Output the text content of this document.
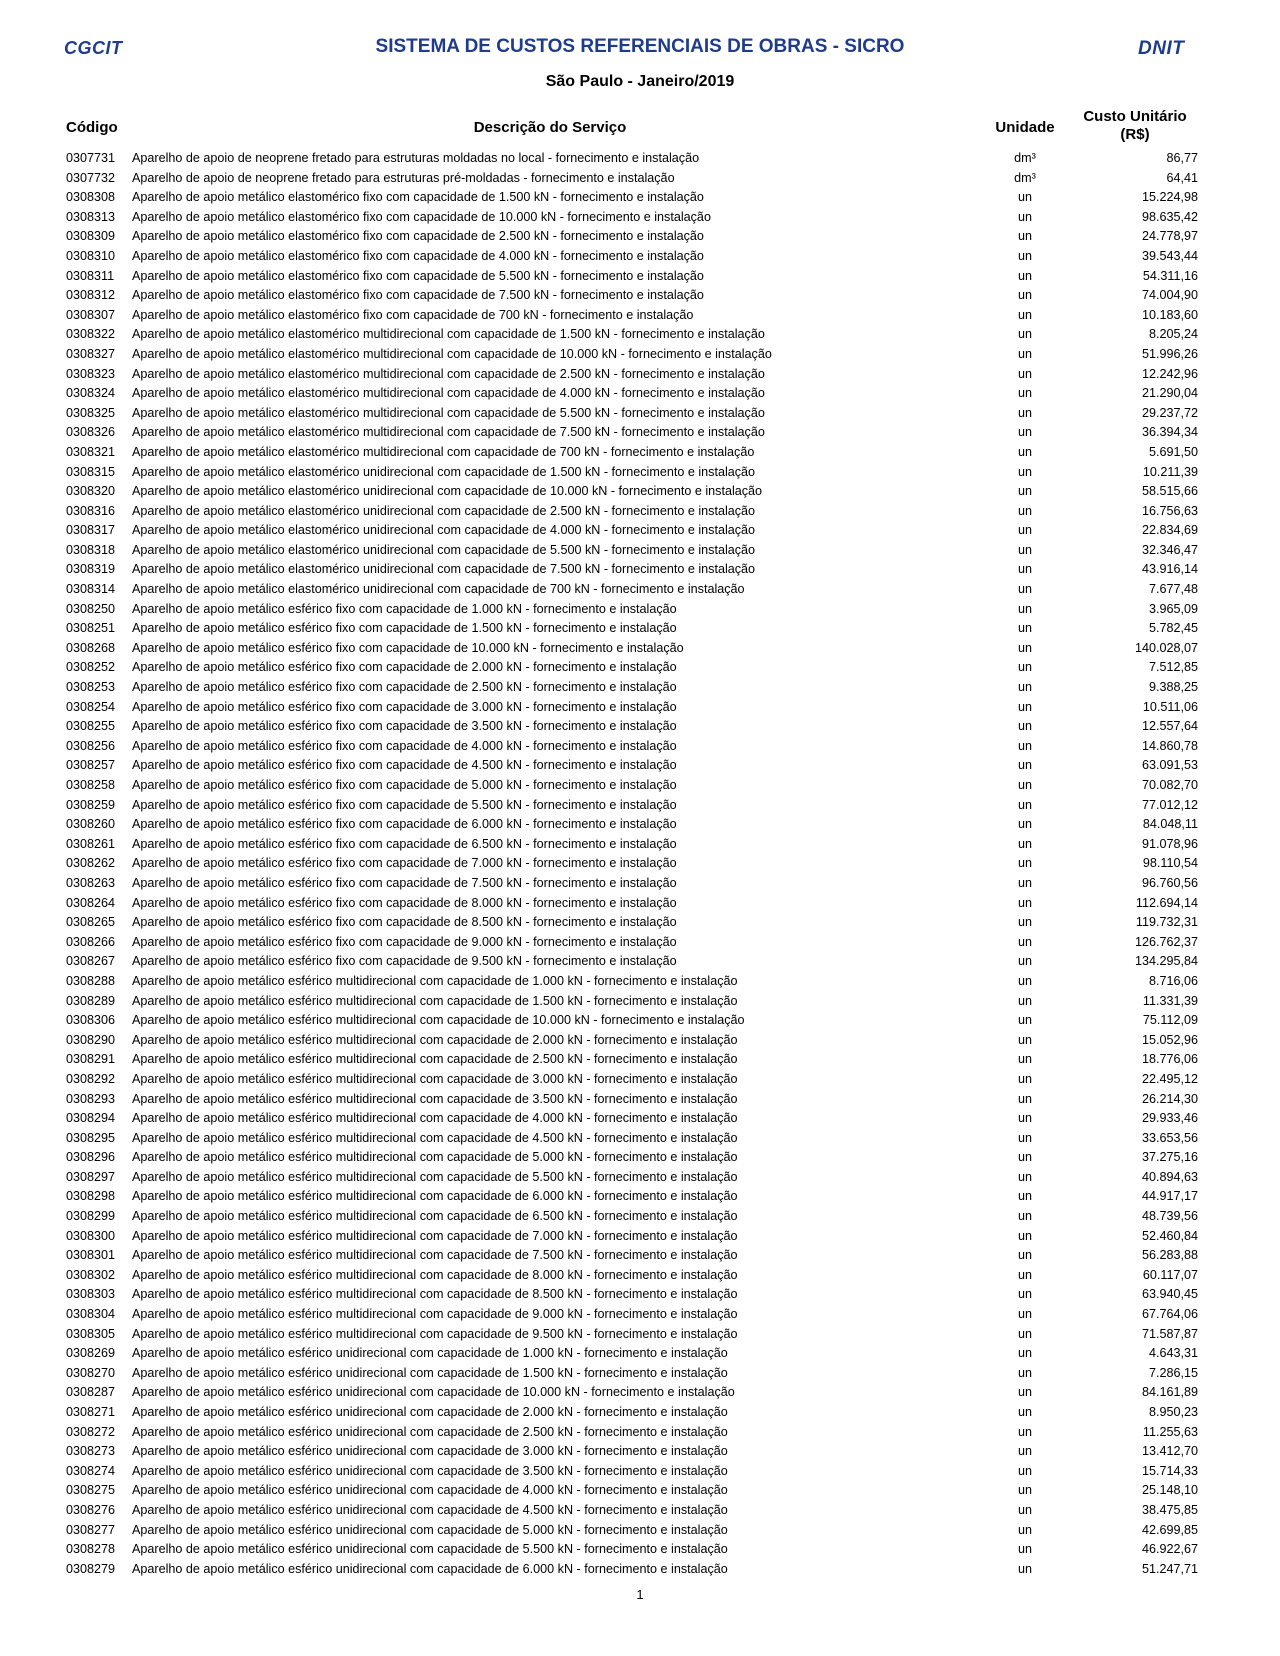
CGCIT	SISTEMA DE CUSTOS REFERENCIAIS DE OBRAS - SICRO	DNIT
São Paulo - Janeiro/2019
Código	Descrição do Serviço	Unidade
Custo Unitário
(R$)
0307731 Aparelho de apoio de neoprene fretado para estruturas moldadas no local - fornecimento e instalação	dm³	86,77
0307732 Aparelho de apoio de neoprene fretado para estruturas pré-moldadas - fornecimento e instalação	dm³	64,41
0308308 Aparelho de apoio metálico elastomérico fixo com capacidade de 1.500 kN - fornecimento e instalação	un	15.224,98
0308313 Aparelho de apoio metálico elastomérico fixo com capacidade de 10.000 kN - fornecimento e instalação	un	98.635,42
0308309 Aparelho de apoio metálico elastomérico fixo com capacidade de 2.500 kN - fornecimento e instalação	un	24.778,97
0308310 Aparelho de apoio metálico elastomérico fixo com capacidade de 4.000 kN - fornecimento e instalação	un	39.543,44
0308311 Aparelho de apoio metálico elastomérico fixo com capacidade de 5.500 kN - fornecimento e instalação	un	54.311,16
0308312 Aparelho de apoio metálico elastomérico fixo com capacidade de 7.500 kN - fornecimento e instalação	un	74.004,90
0308307 Aparelho de apoio metálico elastomérico fixo com capacidade de 700 kN - fornecimento e instalação	un	10.183,60
0308322 Aparelho de apoio metálico elastomérico multidirecional com capacidade de 1.500 kN - fornecimento e instalação	un	8.205,24
0308327 Aparelho de apoio metálico elastomérico multidirecional com capacidade de 10.000 kN - fornecimento e instalação	un	51.996,26
0308323 Aparelho de apoio metálico elastomérico multidirecional com capacidade de 2.500 kN - fornecimento e instalação	un	12.242,96
0308324 Aparelho de apoio metálico elastomérico multidirecional com capacidade de 4.000 kN - fornecimento e instalação	un	21.290,04
0308325 Aparelho de apoio metálico elastomérico multidirecional com capacidade de 5.500 kN - fornecimento e instalação	un	29.237,72
0308326 Aparelho de apoio metálico elastomérico multidirecional com capacidade de 7.500 kN - fornecimento e instalação	un	36.394,34
0308321 Aparelho de apoio metálico elastomérico multidirecional com capacidade de 700 kN - fornecimento e instalação	un	5.691,50
0308315 Aparelho de apoio metálico elastomérico unidirecional com capacidade de 1.500 kN - fornecimento e instalação	un	10.211,39
0308320 Aparelho de apoio metálico elastomérico unidirecional com capacidade de 10.000 kN - fornecimento e instalação	un	58.515,66
0308316 Aparelho de apoio metálico elastomérico unidirecional com capacidade de 2.500 kN - fornecimento e instalação	un	16.756,63
0308317 Aparelho de apoio metálico elastomérico unidirecional com capacidade de 4.000 kN - fornecimento e instalação	un	22.834,69
0308318 Aparelho de apoio metálico elastomérico unidirecional com capacidade de 5.500 kN - fornecimento e instalação	un	32.346,47
0308319 Aparelho de apoio metálico elastomérico unidirecional com capacidade de 7.500 kN - fornecimento e instalação	un	43.916,14
0308314 Aparelho de apoio metálico elastomérico unidirecional com capacidade de 700 kN - fornecimento e instalação	un	7.677,48
0308250 Aparelho de apoio metálico esférico fixo com capacidade de 1.000 kN - fornecimento e instalação	un	3.965,09
0308251 Aparelho de apoio metálico esférico fixo com capacidade de 1.500 kN - fornecimento e instalação	un	5.782,45
0308268 Aparelho de apoio metálico esférico fixo com capacidade de 10.000 kN - fornecimento e instalação	un	140.028,07
0308252 Aparelho de apoio metálico esférico fixo com capacidade de 2.000 kN - fornecimento e instalação	un	7.512,85
0308253 Aparelho de apoio metálico esférico fixo com capacidade de 2.500 kN - fornecimento e instalação	un	9.388,25
0308254 Aparelho de apoio metálico esférico fixo com capacidade de 3.000 kN - fornecimento e instalação	un	10.511,06
0308255 Aparelho de apoio metálico esférico fixo com capacidade de 3.500 kN - fornecimento e instalação	un	12.557,64
0308256 Aparelho de apoio metálico esférico fixo com capacidade de 4.000 kN - fornecimento e instalação	un	14.860,78
0308257 Aparelho de apoio metálico esférico fixo com capacidade de 4.500 kN - fornecimento e instalação	un	63.091,53
0308258 Aparelho de apoio metálico esférico fixo com capacidade de 5.000 kN - fornecimento e instalação	un	70.082,70
0308259 Aparelho de apoio metálico esférico fixo com capacidade de 5.500 kN - fornecimento e instalação	un	77.012,12
0308260 Aparelho de apoio metálico esférico fixo com capacidade de 6.000 kN - fornecimento e instalação	un	84.048,11
0308261 Aparelho de apoio metálico esférico fixo com capacidade de 6.500 kN - fornecimento e instalação	un	91.078,96
0308262 Aparelho de apoio metálico esférico fixo com capacidade de 7.000 kN - fornecimento e instalação	un	98.110,54
0308263 Aparelho de apoio metálico esférico fixo com capacidade de 7.500 kN - fornecimento e instalação	un	96.760,56
0308264 Aparelho de apoio metálico esférico fixo com capacidade de 8.000 kN - fornecimento e instalação	un	112.694,14
0308265 Aparelho de apoio metálico esférico fixo com capacidade de 8.500 kN - fornecimento e instalação	un	119.732,31
0308266 Aparelho de apoio metálico esférico fixo com capacidade de 9.000 kN - fornecimento e instalação	un	126.762,37
0308267 Aparelho de apoio metálico esférico fixo com capacidade de 9.500 kN - fornecimento e instalação	un	134.295,84
0308288 Aparelho de apoio metálico esférico multidirecional com capacidade de 1.000 kN - fornecimento e instalação	un	8.716,06
0308289 Aparelho de apoio metálico esférico multidirecional com capacidade de 1.500 kN - fornecimento e instalação	un	11.331,39
0308306 Aparelho de apoio metálico esférico multidirecional com capacidade de 10.000 kN - fornecimento e instalação	un	75.112,09
0308290 Aparelho de apoio metálico esférico multidirecional com capacidade de 2.000 kN - fornecimento e instalação	un	15.052,96
0308291 Aparelho de apoio metálico esférico multidirecional com capacidade de 2.500 kN - fornecimento e instalação	un	18.776,06
0308292 Aparelho de apoio metálico esférico multidirecional com capacidade de 3.000 kN - fornecimento e instalação	un	22.495,12
0308293 Aparelho de apoio metálico esférico multidirecional com capacidade de 3.500 kN - fornecimento e instalação	un	26.214,30
0308294 Aparelho de apoio metálico esférico multidirecional com capacidade de 4.000 kN - fornecimento e instalação	un	29.933,46
0308295 Aparelho de apoio metálico esférico multidirecional com capacidade de 4.500 kN - fornecimento e instalação	un	33.653,56
0308296 Aparelho de apoio metálico esférico multidirecional com capacidade de 5.000 kN - fornecimento e instalação	un	37.275,16
0308297 Aparelho de apoio metálico esférico multidirecional com capacidade de 5.500 kN - fornecimento e instalação	un	40.894,63
0308298 Aparelho de apoio metálico esférico multidirecional com capacidade de 6.000 kN - fornecimento e instalação	un	44.917,17
0308299 Aparelho de apoio metálico esférico multidirecional com capacidade de 6.500 kN - fornecimento e instalação	un	48.739,56
0308300 Aparelho de apoio metálico esférico multidirecional com capacidade de 7.000 kN - fornecimento e instalação	un	52.460,84
0308301 Aparelho de apoio metálico esférico multidirecional com capacidade de 7.500 kN - fornecimento e instalação	un	56.283,88
0308302 Aparelho de apoio metálico esférico multidirecional com capacidade de 8.000 kN - fornecimento e instalação	un	60.117,07
0308303 Aparelho de apoio metálico esférico multidirecional com capacidade de 8.500 kN - fornecimento e instalação	un	63.940,45
0308304 Aparelho de apoio metálico esférico multidirecional com capacidade de 9.000 kN - fornecimento e instalação	un	67.764,06
0308305 Aparelho de apoio metálico esférico multidirecional com capacidade de 9.500 kN - fornecimento e instalação	un	71.587,87
0308269 Aparelho de apoio metálico esférico unidirecional com capacidade de 1.000 kN - fornecimento e instalação	un	4.643,31
0308270 Aparelho de apoio metálico esférico unidirecional com capacidade de 1.500 kN - fornecimento e instalação	un	7.286,15
0308287 Aparelho de apoio metálico esférico unidirecional com capacidade de 10.000 kN - fornecimento e instalação	un	84.161,89
0308271 Aparelho de apoio metálico esférico unidirecional com capacidade de 2.000 kN - fornecimento e instalação	un	8.950,23
0308272 Aparelho de apoio metálico esférico unidirecional com capacidade de 2.500 kN - fornecimento e instalação	un	11.255,63
0308273 Aparelho de apoio metálico esférico unidirecional com capacidade de 3.000 kN - fornecimento e instalação	un	13.412,70
0308274 Aparelho de apoio metálico esférico unidirecional com capacidade de 3.500 kN - fornecimento e instalação	un	15.714,33
0308275 Aparelho de apoio metálico esférico unidirecional com capacidade de 4.000 kN - fornecimento e instalação	un	25.148,10
0308276 Aparelho de apoio metálico esférico unidirecional com capacidade de 4.500 kN - fornecimento e instalação	un	38.475,85
0308277 Aparelho de apoio metálico esférico unidirecional com capacidade de 5.000 kN - fornecimento e instalação	un	42.699,85
0308278 Aparelho de apoio metálico esférico unidirecional com capacidade de 5.500 kN - fornecimento e instalação	un	46.922,67
0308279 Aparelho de apoio metálico esférico unidirecional com capacidade de 6.000 kN - fornecimento e instalação	un	51.247,71
1
